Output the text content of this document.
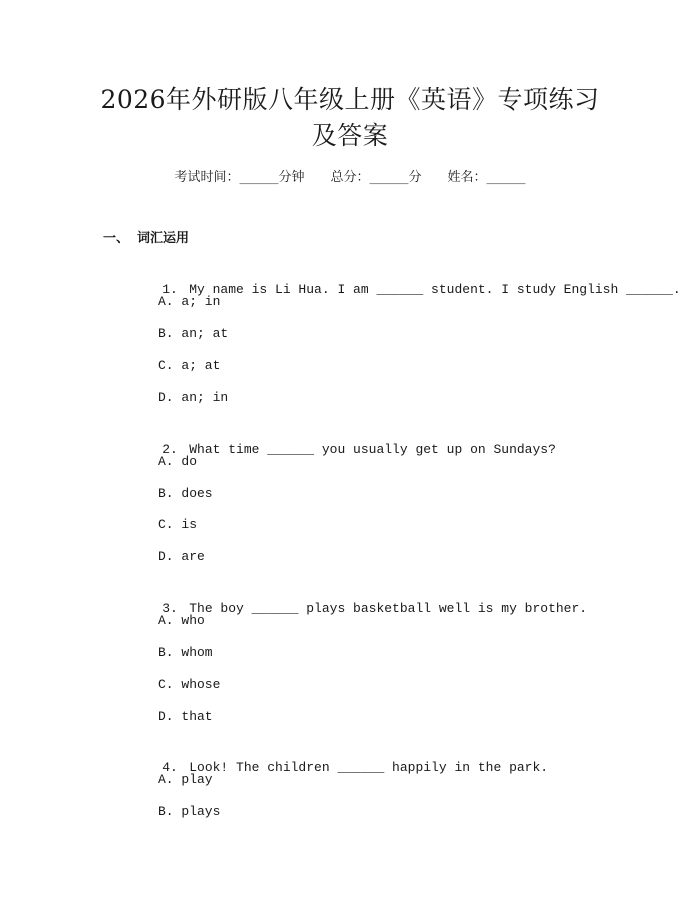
2026年外研版八年级上册《英语》专项练习
及答案
考试时间：______分钟　　总分：______分　　姓名：______
一、 词汇运用

1. My name is Li Hua. I am ______ student. I study English ______.

A. a; in
B. an; at
C. a; at
D. an; in

2. What time ______ you usually get up on Sundays?

A. do
B. does
C. is
D. are

3. The boy ______ plays basketball well is my brother.

A. who
B. whom
C. whose
D. that

4. Look! The children ______ happily in the park.

A. play
B. plays
